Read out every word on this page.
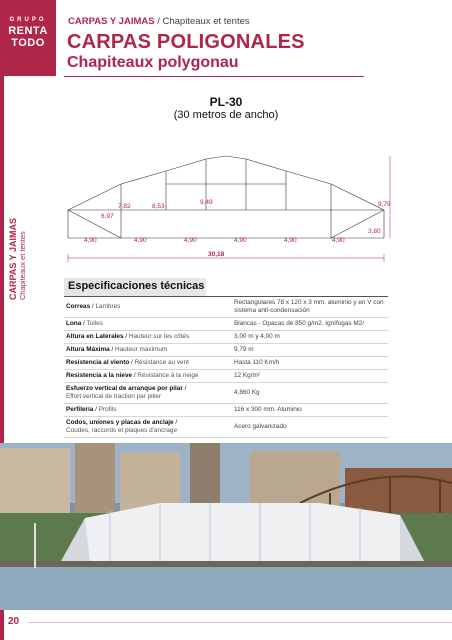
GRUPO
RENTA
TODO
CARPAS Y JAIMAS / Chapiteaux et tentes
CARPAS POLIGONALES
Chapiteaux polygonau
CARPAS Y JAIMAS Chapiteaux et tentes
PL-30
(30 metros de ancho)
6,97
7,82	8,53
9,49	9,79
3,80
4,90	4,90	4,90	4,90	4,90	4,90
30,18
Especificaciones técnicas
Correas / Lambres	Rectangulares 78 x 120 x 3 mm. aluminio y en V con sistema anti-condensación
Lona / Toiles	Blancas - Opacas de 850 g/m2. Ignífugas M2/
Altura en Laterales / Hauteur sur les côtés	3,00 m y 4,00 m
Altura Máxima / Hauteur maximum	9,79 m
Resistencia al viento / Résistance au vent	Hasta 110 Km/h
Resistencia a la nieve / Résistance à la neige	12 Kg/m²
Esfuerzo vertical de arranque por pilar /
Effort vertical de traction par pilier	4,860 Kg
Perfilería / Profils	116 x 300 mm. Aluminio
Codos, uniones y placas de anclaje /
Coudes, raccords et plaques d'ancrage	Acero galvanizado
20
